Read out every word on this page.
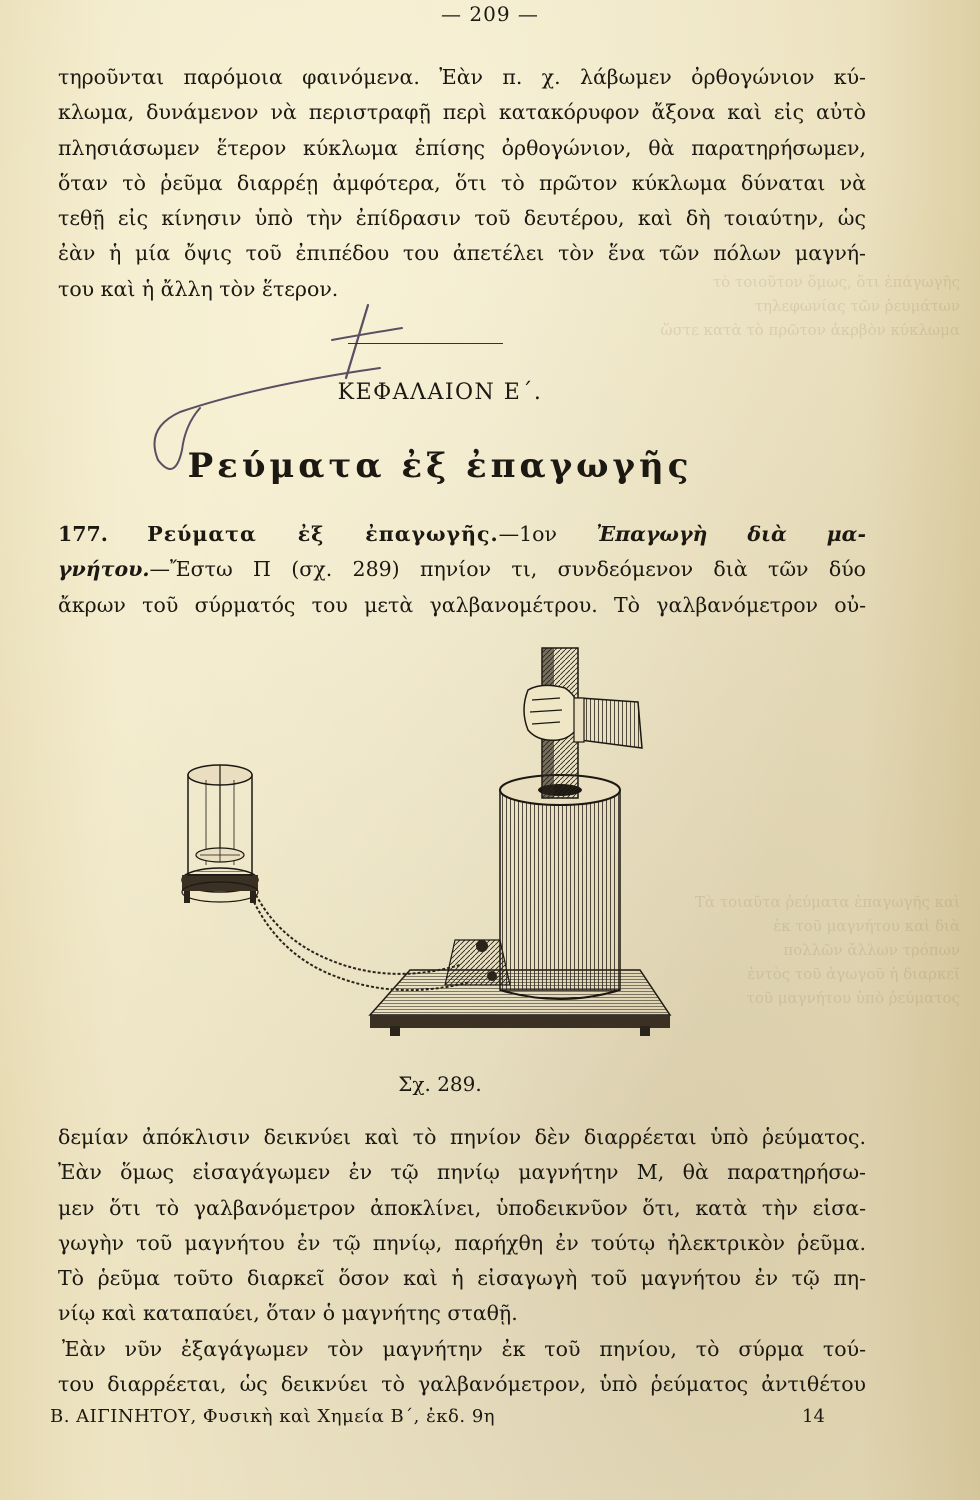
τὸ τοιοῦτον ὅμως, ὅτι ἐπάγωγῆς
τηλεφωνίας τῶν ῥευμάτων
ὥστε κατὰ τὸ πρῶτον ἀκρβὸν κύκλωμα
Τὰ τοιαῦτα ῥεύματα ἐπαγωγῆς καὶ
ἐκ τοῦ μαγνήτου καὶ διὰ
πολλῶν ἄλλων τρόπων
ἐντὸς τοῦ ἀγωγοῦ ἡ διαρκεῖ
τοῦ μαγνήτου ὑπὸ ῥεύματος
— 209 —
τηροῦνται παρόμοια φαινόμενα. Ἐὰν π. χ. λάβωμεν ὀρθογώνιον κύ-
κλωμα, δυνάμενον νὰ περιστραφῇ περὶ κατακόρυφον ἄξονα καὶ εἰς αὐτὸ
πλησιάσωμεν ἕτερον κύκλωμα ἐπίσης ὀρθογώνιον, θὰ παρατηρήσωμεν,
ὅταν τὸ ῥεῦμα διαρρέῃ ἀμφότερα, ὅτι τὸ πρῶτον κύκλωμα δύναται νὰ
τεθῇ εἰς κίνησιν ὑπὸ τὴν ἐπίδρασιν τοῦ δευτέρου, καὶ δὴ τοιαύτην, ὡς
ἐὰν ἡ μία ὄψις τοῦ ἐπιπέδου του ἀπετέλει τὸν ἕνα τῶν πόλων μαγνή-
του καὶ ἡ ἄλλη τὸν ἕτερον.
ΚΕΦΑΛΑΙΟΝ Ε΄.
Ρεύματα ἐξ ἐπαγωγῆς
177. Ρεύματα ἐξ ἐπαγωγῆς.—1ον Ἐπαγωγὴ διὰ μα-
γνήτου.—Ἔστω Π (σχ. 289) πηνίον τι, συνδεόμενον διὰ τῶν δύο
ἄκρων τοῦ σύρματός του μετὰ γαλβανομέτρου. Τὸ γαλβανόμετρον οὐ-
Σχ. 289.
δεμίαν ἀπόκλισιν δεικνύει καὶ τὸ πηνίον δὲν διαρρέεται ὑπὸ ῥεύματος.
Ἐὰν ὅμως εἰσαγάγωμεν ἐν τῷ πηνίῳ μαγνήτην Μ, θὰ παρατηρήσω-
μεν ὅτι τὸ γαλβανόμετρον ἀποκλίνει, ὑποδεικνῦον ὅτι, κατὰ τὴν εἰσα-
γωγὴν τοῦ μαγνήτου ἐν τῷ πηνίῳ, παρήχθη ἐν τούτῳ ἠλεκτρικὸν ῥεῦμα.
Τὸ ῥεῦμα τοῦτο διαρκεῖ ὅσον καὶ ἡ εἰσαγωγὴ τοῦ μαγνήτου ἐν τῷ πη-
νίῳ καὶ καταπαύει, ὅταν ὁ μαγνήτης σταθῇ.
Ἐὰν νῦν ἐξαγάγωμεν τὸν μαγνήτην ἐκ τοῦ πηνίου, τὸ σύρμα τού-
του διαρρέεται, ὡς δεικνύει τὸ γαλβανόμετρον, ὑπὸ ῥεύματος ἀντιθέτου
Β. ΑΙΓΙΝΗΤΟΥ, Φυσικὴ καὶ Χημεία Β΄, ἐκδ. 9η	14
